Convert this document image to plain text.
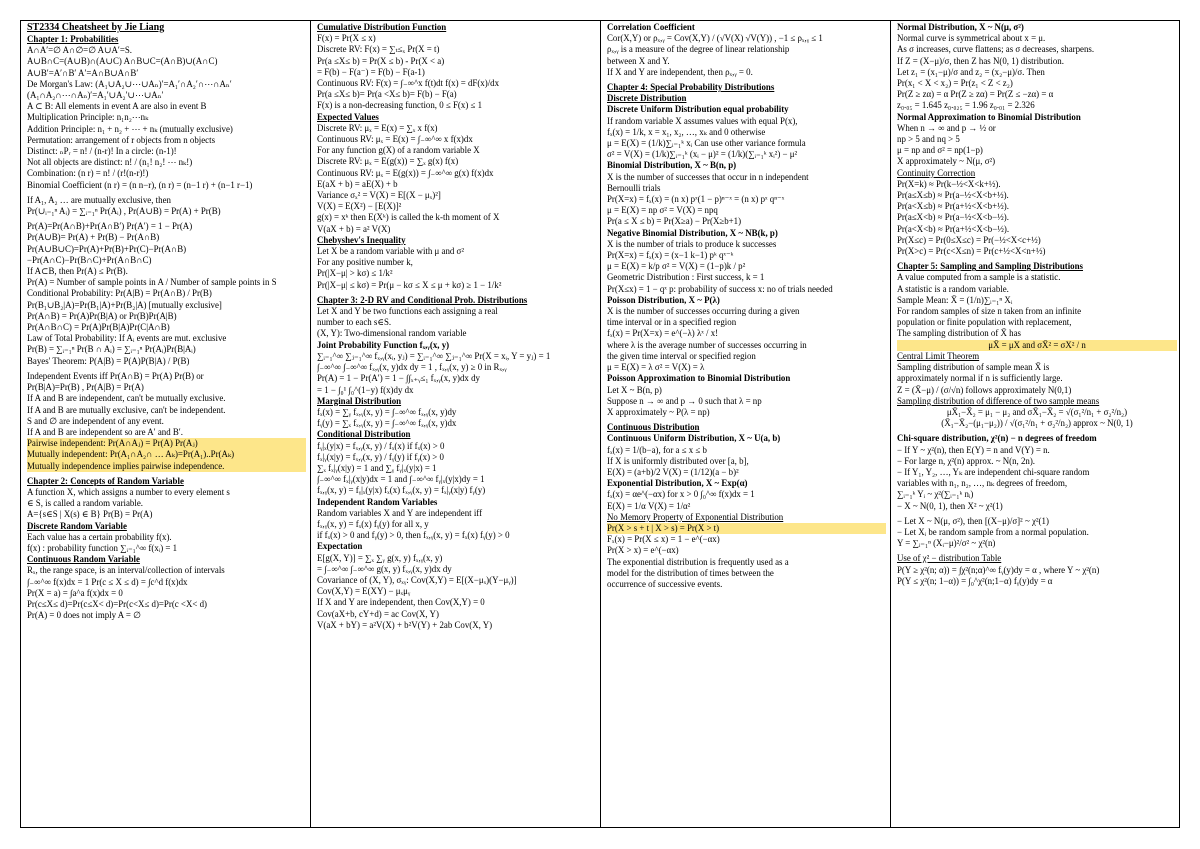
ST2334 Cheatsheet by Jie Liang
Chapter 1: Probabilities
A∩A′=∅ A∩∅=∅ A∪A′=S.
A∪B∩C=(A∪B)∩(A∪C) A∩B∪C=(A∩B)∪(A∩C)
A∪B′=A′∩B′ A′=A∩B∪A∩B′
De Morgan's Law: (A₁∪A₂∪⋯∪Aₙ)′=A₁′∩A₂′∩⋯∩Aₙ′
(A₁∩A₂∩⋯∩Aₙ)′=A₁′∪A₂′∪⋯∪Aₙ′
A ⊂ B: All elements in event A are also in event B
Multiplication Principle: n₁n₂⋯nₖ
Addition Principle: n₁ + n₂ + ⋯ + nₖ (mutually exclusive)
Permutation: arrangement of r objects from n objects
Distinct: ₙPᵣ = n! / (n-r)! In a circle: (n-1)!
Not all objects are distinct: n! / (n₁! n₂! ⋯ nₖ!)
Combination: (n r) = n! / (r!(n-r)!)
Binomial Coefficient (n r) = (n n−r), (n r) = (n−1 r) + (n−1 r−1)
If A₁, A₂ … are mutually exclusive, then
Pr(∪ᵢ₌₁ⁿ Aᵢ) = ∑ᵢ₌₁ⁿ Pr(Aᵢ) , Pr(A∪B) = Pr(A) + Pr(B)
Pr(A)=Pr(A∩B)+Pr(A∩B′) Pr(A′) = 1 − Pr(A)
Pr(A∪B)= Pr(A) + Pr(B) − Pr(A∩B)
Pr(A∪B∪C)=Pr(A)+Pr(B)+Pr(C)−Pr(A∩B)
−Pr(A∩C)−Pr(B∩C)+Pr(A∩B∩C)
If A⊂B, then Pr(A) ≤ Pr(B).
Pr(A) = Number of sample points in A / Number of sample points in S
Conditional Probability: Pr(A|B) = Pr(A∩B) / Pr(B)
Pr(B₁∪B₂|A)=Pr(B₁|A)+Pr(B₂|A) [mutually exclusive]
Pr(A∩B) = Pr(A)Pr(B|A) or Pr(B)Pr(A|B)
Pr(A∩B∩C) = Pr(A)Pr(B|A)Pr(C|A∩B)
Law of Total Probability: If Aᵢ events are mut. exclusive
Pr(B) = ∑ᵢ₌₁ⁿ Pr(B ∩ Aᵢ) = ∑ᵢ₌₁ⁿ Pr(Aᵢ)Pr(B|Aᵢ)
Bayes' Theorem: P(A|B) = P(A)P(B|A) / P(B)
Independent Events iff Pr(A∩B) = Pr(A) Pr(B) or
Pr(B|A)=Pr(B) , Pr(A|B) = Pr(A)
If A and B are independent, can't be mutually exclusive.
If A and B are mutually exclusive, can't be independent.
S and ∅ are independent of any event.
If A and B are independent so are A′ and B′.
Pairwise independent: Pr(A∩Aⱼ) = Pr(A) Pr(Aⱼ)
Mutually independent: Pr(A₁∩A₂∩ … Aₖ)=Pr(A₁)..Pr(Aₖ)
Mutually independence implies pairwise independence.
Chapter 2: Concepts of Random Variable
A function X, which assigns a number to every element s
∈ S, is called a random variable.
A={s∈S | X(s) ∈ B} Pr(B) = Pr(A)
Discrete Random Variable
Each value has a certain probability f(x).
f(x) : probability function ∑ᵢ₌₁^∞ f(xᵢ) = 1
Continuous Random Variable
Rₓ, the range space, is an interval/collection of intervals
∫₋∞^∞ f(x)dx = 1 Pr(c ≤ X ≤ d) = ∫c^d f(x)dx
Pr(X = a) = ∫a^a f(x)dx = 0
Pr(c≤X≤ d)=Pr(c≤X< d)=Pr(c<X≤ d)=Pr(c <X< d)
Pr(A) = 0 does not imply A = ∅
Cumulative Distribution Function
F(x) = Pr(X ≤ x)
Discrete RV: F(x) = ∑ₜ≤ₓ Pr(X = t)
Pr(a ≤X≤ b) = Pr(X ≤ b) - Pr(X < a)
= F(b) − F(a⁻) = F(b) − F(a-1)
Continuous RV: F(x) = ∫₋∞^x f(t)dt f(x) = dF(x)/dx
Pr(a ≤X≤ b)= Pr(a <X≤ b)= F(b) − F(a)
F(x) is a non-decreasing function, 0 ≤ F(x) ≤ 1
Expected Values
Discrete RV: μₓ = E(x) = ∑ₓ x f(x)
Continuous RV: μₓ = E(x) = ∫₋∞^∞ x f(x)dx
For any function g(X) of a random variable X
Discrete RV: μₓ = E(g(x)) = ∑ₓ g(x) f(x)
Continuous RV: μₓ = E(g(x)) = ∫₋∞^∞ g(x) f(x)dx
E(aX + b) = aE(X) + b
Variance σₓ² = V(X) = E[(X − μₓ)²]
V(X) = E(X²) − [E(X)]²
g(x) = xᵏ then E(Xᵏ) is called the k-th moment of X
V(aX + b) = a² V(X)
Chebyshev's Inequality
Let X be a random variable with μ and σ²
For any positive number k,
Pr(|X−μ| > kσ) ≤ 1/k²
Pr(|X−μ| ≤ kσ) = Pr(μ − kσ ≤ X ≤ μ + kσ) ≥ 1 − 1/k²
Chapter 3: 2-D RV and Conditional Prob. Distributions
Let X and Y be two functions each assigning a real
number to each s∈S.
(X, Y): Two-dimensional random variable
Joint Probability Function fₓ,ᵧ(x, y)
∑ᵢ₌₁^∞ ∑ⱼ₌₁^∞ fₓ,ᵧ(xᵢ, yⱼ) = ∑ᵢ₌₁^∞ ∑ⱼ₌₁^∞ Pr(X = xᵢ, Y = yⱼ) = 1
∫₋∞^∞ ∫₋∞^∞ fₓ,ᵧ(x, y)dx dy = 1 , fₓ,ᵧ(x, y) ≥ 0 in Rₓ,ᵧ
Pr(A) = 1 − Pr(A′) = 1 − ∫∫ₓ₊ᵧ≤₁ fₓ,ᵧ(x, y)dx dy
= 1 − ∫₀¹ ∫₀^(1−y) f(x)dy dx
Marginal Distribution
fₓ(x) = ∑ᵧ fₓ,ᵧ(x, y) = ∫₋∞^∞ fₓ,ᵧ(x, y)dy
fᵧ(y) = ∑ₓ fₓ,ᵧ(x, y) = ∫₋∞^∞ fₓ,ᵧ(x, y)dx
Conditional Distribution
fᵧ|ₓ(y|x) = fₓ,ᵧ(x, y) / fₓ(x) if fₓ(x) > 0
fₓ|ᵧ(x|y) = fₓ,ᵧ(x, y) / fᵧ(y) if fᵧ(x) > 0
∑ₓ fₓ|ᵧ(x|y) = 1 and ∑ᵧ fᵧ|ₓ(y|x) = 1
∫₋∞^∞ fₓ|ᵧ(x|y)dx = 1 and ∫₋∞^∞ fᵧ|ₓ(y|x)dy = 1
fₓ,ᵧ(x, y) = fᵧ|ₓ(y|x) fₓ(x) fₓ,ᵧ(x, y) = fₓ|ᵧ(x|y) fᵧ(y)
Independent Random Variables
Random variables X and Y are independent iff
fₓ,ᵧ(x, y) = fₓ(x) fᵧ(y) for all x, y
if fₓ(x) > 0 and fᵧ(y) > 0, then fₓ,ᵧ(x, y) = fₓ(x) fᵧ(y) > 0
Expectation
E[g(X, Y)] = ∑ₓ ∑ᵧ g(x, y) fₓ,ᵧ(x, y)
= ∫₋∞^∞ ∫₋∞^∞ g(x, y) fₓ,ᵧ(x, y)dx dy
Covariance of (X, Y), σₓᵧ: Cov(X,Y) = E[(X−μₓ)(Y−μᵧ)]
Cov(X,Y) = E(XY) − μₓμᵧ
If X and Y are independent, then Cov(X,Y) = 0
Cov(aX+b, cY+d) = ac Cov(X, Y)
V(aX + bY) = a²V(X) + b²V(Y) + 2ab Cov(X, Y)
Correlation Coefficient
Cor(X,Y) or ρₓ,ᵧ = Cov(X,Y) / (√V(X) √V(Y)) , −1 ≤ ρₓ,ᵧ ≤ 1
ρₓ,ᵧ is a measure of the degree of linear relationship
between X and Y.
If X and Y are independent, then ρₓ,ᵧ = 0.
Chapter 4: Special Probability Distributions
Discrete Distribution
Discrete Uniform Distribution equal probability
If random variable X assumes values with equal P(x),
fₓ(x) = 1/k, x = x₁, x₂, …, xₖ and 0 otherwise
μ = E(X) = (1/k)∑ᵢ₌₁ᵏ xᵢ Can use other variance formula
σ² = V(X) = (1/k)∑ᵢ₌₁ᵏ (xᵢ − μ)² = (1/k)(∑ᵢ₌₁ᵏ xᵢ²) − μ²
Binomial Distribution, X ~ B(n, p)
X is the number of successes that occur in n independent
Bernoulli trials
Pr(X=x) = fₓ(x) = (n x) pˣ(1 − p)ⁿ⁻ˣ = (n x) pˣ qⁿ⁻ˣ
μ = E(X) = np σ² = V(X) = npq
Pr(a ≤ X ≤ b) = Pr(X≥a) − Pr(X≥b+1)
Negative Binomial Distribution, X ~ NB(k, p)
X is the number of trials to produce k successes
Pr(X=x) = fₓ(x) = (x−1 k−1) pᵏ qˣ⁻ᵏ
μ = E(X) = k/p σ² = V(X) = (1−p)k / p²
Geometric Distribution : First success, k = 1
Pr(X≤x) = 1 − qˣ p: probability of success x: no of trials needed
Poisson Distribution, X ~ P(λ)
X is the number of successes occurring during a given
time interval or in a specified region
fₓ(x) = Pr(X=x) = e^(−λ) λˣ / x!
where λ is the average number of successes occurring in
the given time interval or specified region
μ = E(X) = λ σ² = V(X) = λ
Poisson Approximation to Binomial Distribution
Let X ~ B(n, p)
Suppose n → ∞ and p → 0 such that λ = np
X approximately ~ P(λ = np)
Continuous Distribution
Continuous Uniform Distribution, X ~ U(a, b)
fₓ(x) = 1/(b−a), for a ≤ x ≤ b
If X is uniformly distributed over [a, b],
E(X) = (a+b)/2 V(X) = (1/12)(a − b)²
Exponential Distribution, X ~ Exp(α)
fₓ(x) = αe^(−αx) for x > 0 ∫₀^∞ f(x)dx = 1
E(X) = 1/α V(X) = 1/α²
No Memory Property of Exponential Distribution
Pr(X > s + t | X > s) = Pr(X > t)
Fₓ(x) = Pr(X ≤ x) = 1 − e^(−αx)
Pr(X > x) = e^(−αx)
The exponential distribution is frequently used as a
model for the distribution of times between the
occurrence of successive events.
Normal Distribution, X ~ N(μ, σ²)
Normal curve is symmetrical about x = μ.
As σ increases, curve flattens; as σ decreases, sharpens.
If Z = (X−μ)/σ, then Z has N(0, 1) distribution.
Let z₁ = (x₁−μ)/σ and z₂ = (x₂−μ)/σ. Then
Pr(x₁ < X < x₂) = Pr(z₁ < Z < z₂)
Pr(Z ≥ zα) = α Pr(Z ≥ zα) = Pr(Z ≤ −zα) = α
z₀.₀₅ = 1.645 z₀.₀₂₅ = 1.96 z₀.₀₁ = 2.326
Normal Approximation to Binomial Distribution
When n → ∞ and p → ½ or
np > 5 and nq > 5
μ = np and σ² = np(1−p)
X approximately ~ N(μ, σ²)
Continuity Correction
Pr(X=k) ≈ Pr(k−½<X<k+½).
Pr(a≤X≤b) ≈ Pr(a−½<X<b+½).
Pr(a<X≤b) ≈ Pr(a+½<X<b+½).
Pr(a≤X<b) ≈ Pr(a−½<X<b−½).
Pr(a<X<b) ≈ Pr(a+½<X<b−½).
Pr(X≤c) = Pr(0≤X≤c) = Pr(−½<X<c+½)
Pr(X>c) = Pr(c<X≤n) = Pr(c+½<X<n+½)
Chapter 5: Sampling and Sampling Distributions
A value computed from a sample is a statistic.
A statistic is a random variable.
Sample Mean: X̄ = (1/n)∑ᵢ₌₁ⁿ Xᵢ
For random samples of size n taken from an infinite
population or finite population with replacement,
The sampling distribution of X̄ has
μX̄ = μX and σX̄² = σX² / n
Central Limit Theorem
Sampling distribution of sample mean X̄ is
approximately normal if n is sufficiently large.
Z = (X̄−μ) / (σ/√n) follows approximately N(0,1)
Sampling distribution of difference of two sample means
μX̄₁−X̄₂ = μ₁ − μ₂ and σX̄₁−X̄₂ = √(σ₁²/n₁ + σ₂²/n₂)
(X̄₁−X̄₂−(μ₁−μ₂)) / √(σ₁²/n₁ + σ₂²/n₂) approx ~ N(0, 1)
Chi-square distribution, χ²(n) − n degrees of freedom
− If Y ~ χ²(n), then E(Y) = n and V(Y) = n.
− For large n, χ²(n) approx. ~ N(n, 2n).
− If Y₁, Y₂, …, Yₖ are independent chi-square random
variables with n₁, n₂, …, nₖ degrees of freedom,
∑ᵢ₌₁ᵏ Yᵢ ~ χ²(∑ᵢ₌₁ᵏ nᵢ)
− X ~ N(0, 1), then X² ~ χ²(1)
− Let X ~ N(μ, σ²), then [(X−μ)/σ]² ~ χ²(1)
− Let Xᵢ be random sample from a normal population.
Y = ∑ᵢ₌₁ⁿ (Xᵢ−μ)²/σ² ~ χ²(n)
Use of χ² − distribution Table
P(Y ≥ χ²(n; α)) = ∫χ²(n;α)^∞ fᵧ(y)dy = α , where Y ~ χ²(n)
P(Y ≤ χ²(n; 1−α)) = ∫₀^χ²(n;1−α) fᵧ(y)dy = α
